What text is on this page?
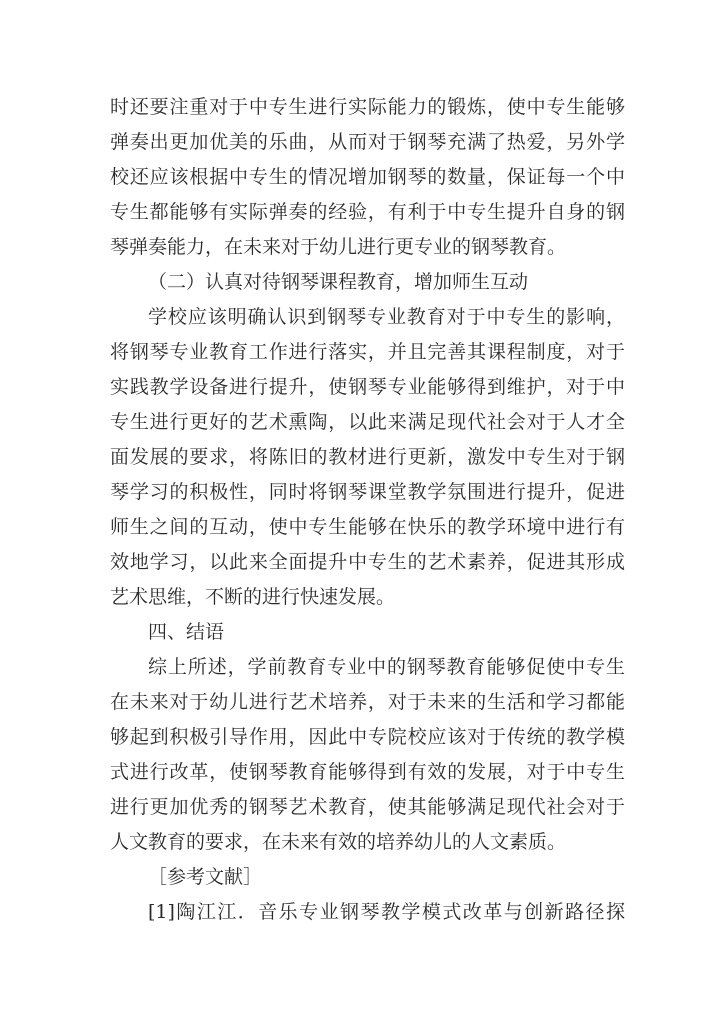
时还要注重对于中专生进行实际能力的锻炼，使中专生能够
弹奏出更加优美的乐曲，从而对于钢琴充满了热爱，另外学
校还应该根据中专生的情况增加钢琴的数量，保证每一个中
专生都能够有实际弹奏的经验，有利于中专生提升自身的钢
琴弹奏能力，在未来对于幼儿进行更专业的钢琴教育。
（二）认真对待钢琴课程教育，增加师生互动
学校应该明确认识到钢琴专业教育对于中专生的影响，
将钢琴专业教育工作进行落实，并且完善其课程制度，对于
实践教学设备进行提升，使钢琴专业能够得到维护，对于中
专生进行更好的艺术熏陶，以此来满足现代社会对于人才全
面发展的要求，将陈旧的教材进行更新，激发中专生对于钢
琴学习的积极性，同时将钢琴课堂教学氛围进行提升，促进
师生之间的互动，使中专生能够在快乐的教学环境中进行有
效地学习，以此来全面提升中专生的艺术素养，促进其形成
艺术思维，不断的进行快速发展。
四、结语
综上所述，学前教育专业中的钢琴教育能够促使中专生
在未来对于幼儿进行艺术培养，对于未来的生活和学习都能
够起到积极引导作用，因此中专院校应该对于传统的教学模
式进行改革，使钢琴教育能够得到有效的发展，对于中专生
进行更加优秀的钢琴艺术教育，使其能够满足现代社会对于
人文教育的要求，在未来有效的培养幼儿的人文素质。
［参考文献］
[1]陶江江．音乐专业钢琴教学模式改革与创新路径探
